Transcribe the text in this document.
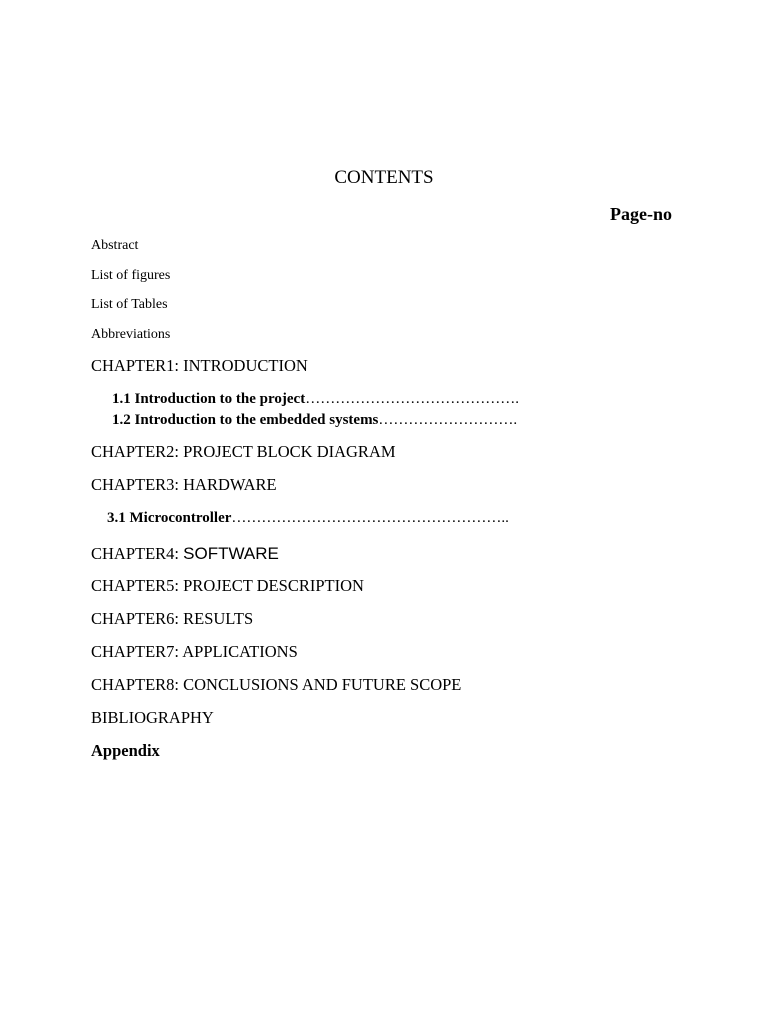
CONTENTS
Page-no
Abstract
List of figures
List of Tables
Abbreviations
CHAPTER1: INTRODUCTION
1.1 Introduction to the project…………………………………….
1.2 Introduction to the embedded systems……………………….
CHAPTER2: PROJECT BLOCK DIAGRAM
CHAPTER3: HARDWARE
3.1 Microcontroller………………………………………………..
CHAPTER4: SOFTWARE
CHAPTER5: PROJECT DESCRIPTION
CHAPTER6: RESULTS
CHAPTER7: APPLICATIONS
CHAPTER8: CONCLUSIONS AND FUTURE SCOPE
BIBLIOGRAPHY
Appendix
